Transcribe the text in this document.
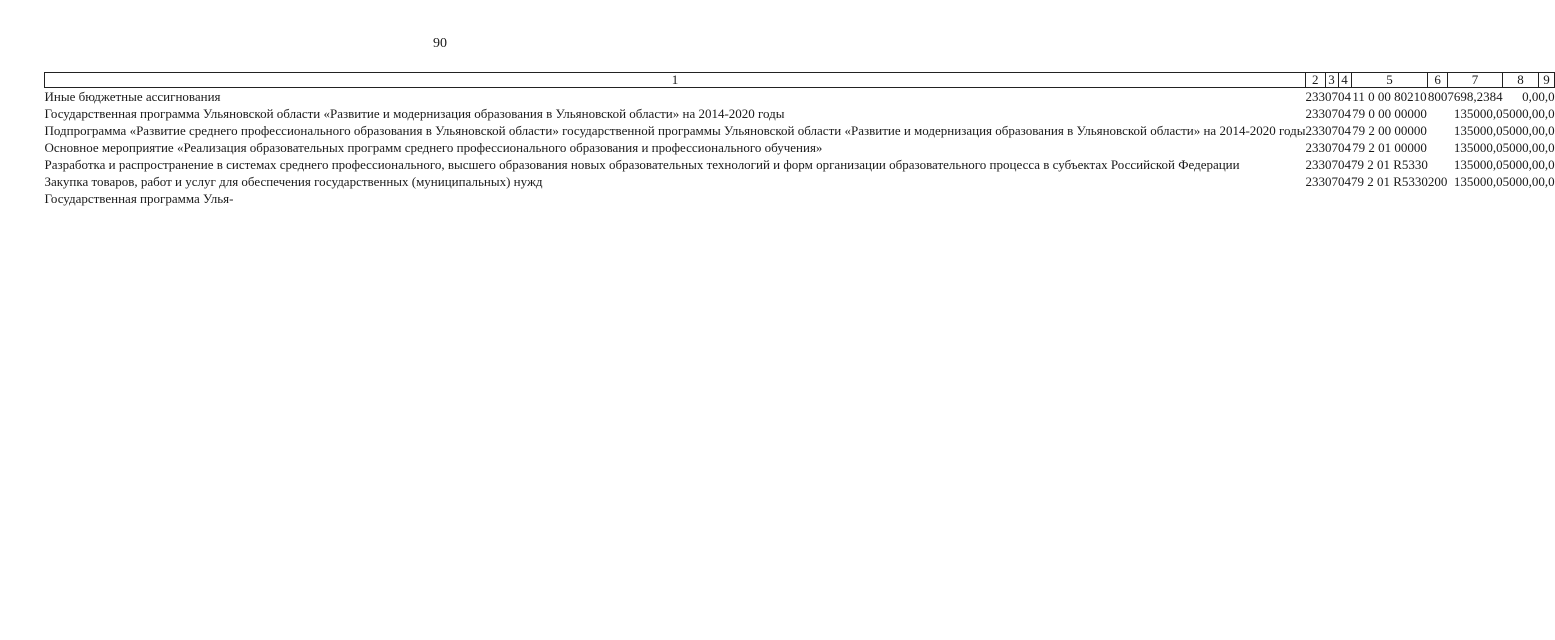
90
1	2	3	4	5	6	7	8	9
Иные бюджетные ассигнования	233	07	04	11 0 00 80210	800	7698,2384	0,0	0,0
Государственная программа Ульяновской области «Развитие и модернизация образования в Ульяновской области» на 2014-2020 годы	233	07	04	79 0 00 00000		135000,0	5000,0	0,0
Подпрограмма «Развитие среднего профессионального образования в Ульяновской области» государственной программы Ульяновской области «Развитие и модернизация образования в Ульяновской области» на 2014-2020 годы	233	07	04	79 2 00 00000		135000,0	5000,0	0,0
Основное мероприятие «Реализация образовательных программ среднего профессионального образования и профессионального обучения»	233	07	04	79 2 01 00000		135000,0	5000,0	0,0
Разработка и распространение в системах среднего профессионального, высшего образования новых образовательных технологий и форм организации образовательного процесса в субъектах Российской Федерации	233	07	04	79 2 01 R5330		135000,0	5000,0	0,0
Закупка товаров, работ и услуг для обеспечения государственных (муниципальных) нужд	233	07	04	79 2 01 R5330	200	135000,0	5000,0	0,0
Государственная программа Улья-								
